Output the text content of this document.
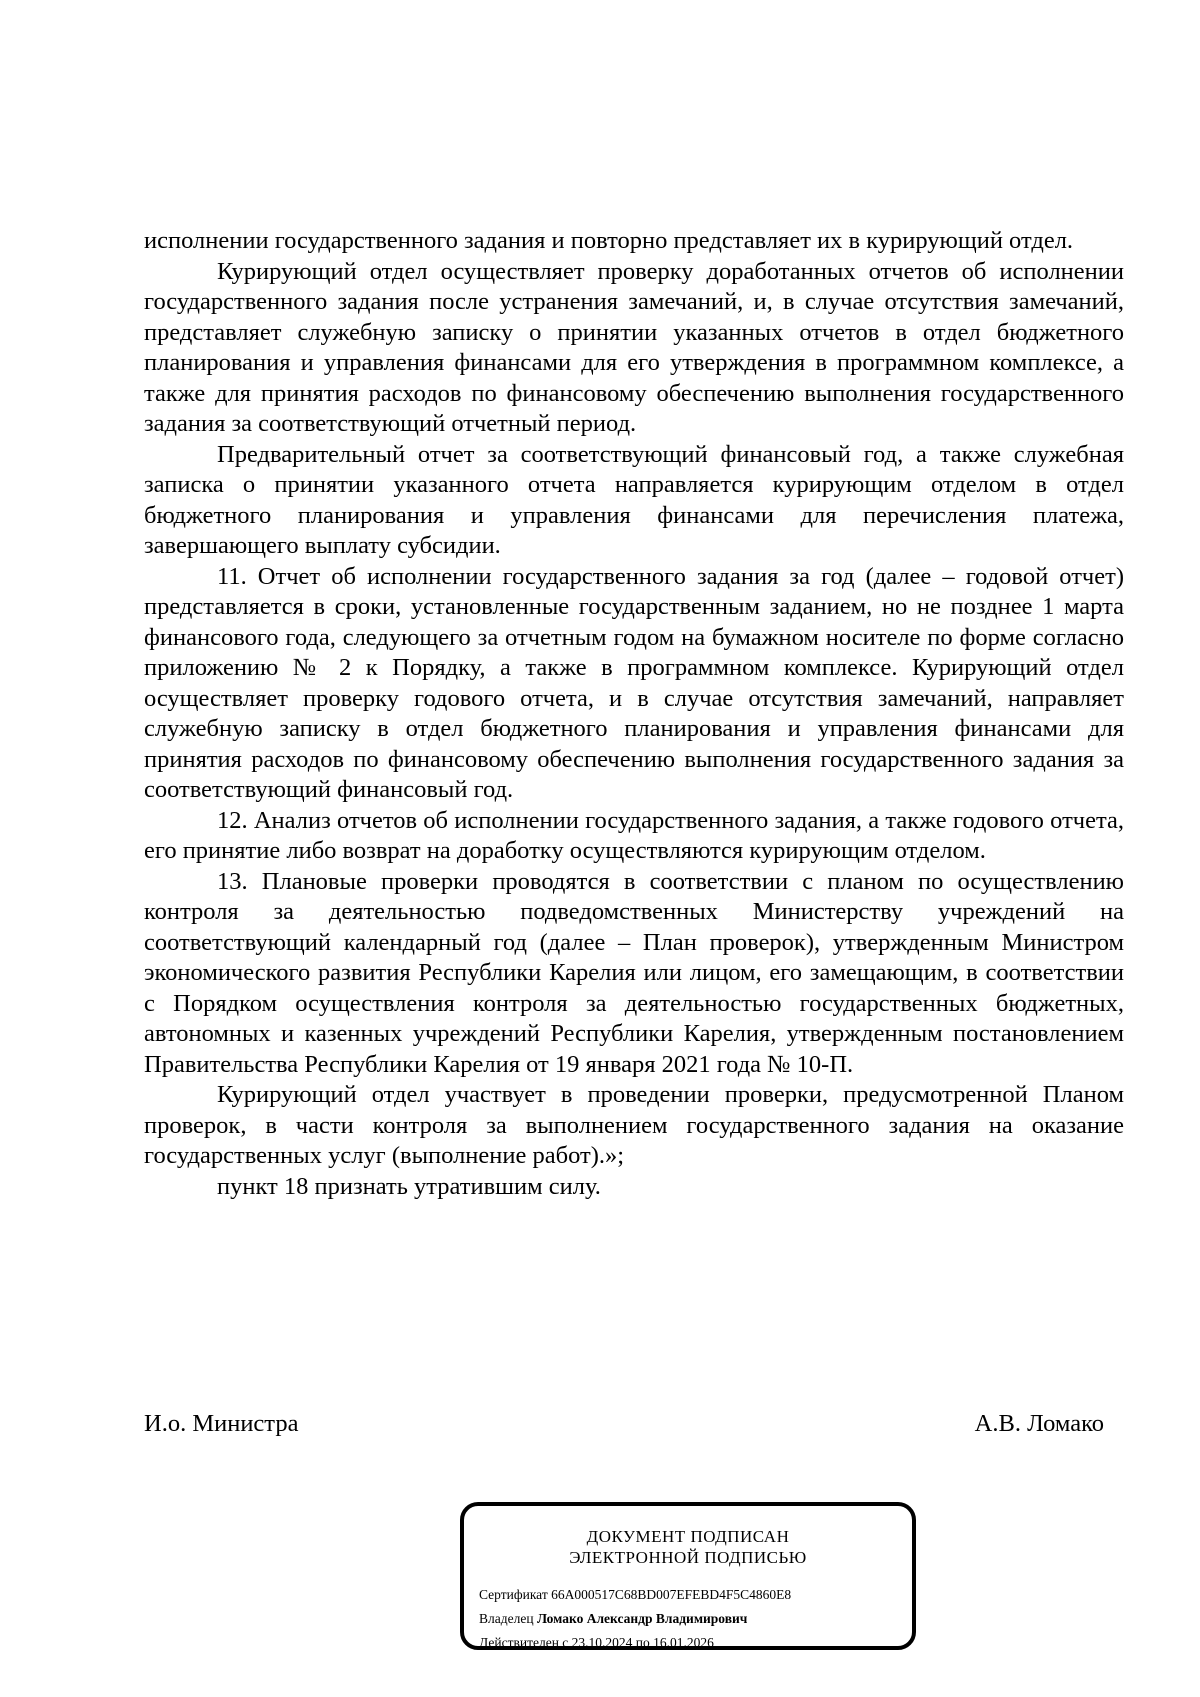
исполнении государственного задания и повторно представляет их в курирующий отдел.

Курирующий отдел осуществляет проверку доработанных отчетов об исполнении государственного задания после устранения замечаний, и, в случае отсутствия замечаний, представляет служебную записку о принятии указанных отчетов в отдел бюджетного планирования и управления финансами для его утверждения в программном комплексе, а также для принятия расходов по финансовому обеспечению выполнения государственного задания за соответствующий отчетный период.

Предварительный отчет за соответствующий финансовый год, а также служебная записка о принятии указанного отчета направляется курирующим отделом в отдел бюджетного планирования и управления финансами для перечисления платежа, завершающего выплату субсидии.

11. Отчет об исполнении государственного задания за год (далее – годовой отчет) представляется в сроки, установленные государственным заданием, но не позднее 1 марта финансового года, следующего за отчетным годом на бумажном носителе по форме согласно приложению № 2 к Порядку, а также в программном комплексе. Курирующий отдел осуществляет проверку годового отчета, и в случае отсутствия замечаний, направляет служебную записку в отдел бюджетного планирования и управления финансами для принятия расходов по финансовому обеспечению выполнения государственного задания за соответствующий финансовый год.

12. Анализ отчетов об исполнении государственного задания, а также годового отчета, его принятие либо возврат на доработку осуществляются курирующим отделом.

13. Плановые проверки проводятся в соответствии с планом по осуществлению контроля за деятельностью подведомственных Министерству учреждений на соответствующий календарный год (далее – План проверок), утвержденным Министром экономического развития Республики Карелия или лицом, его замещающим, в соответствии с Порядком осуществления контроля за деятельностью государственных бюджетных, автономных и казенных учреждений Республики Карелия, утвержденным постановлением Правительства Республики Карелия от 19 января 2021 года № 10-П.

Курирующий отдел участвует в проведении проверки, предусмотренной Планом проверок, в части контроля за выполнением государственного задания на оказание государственных услуг (выполнение работ).»;

пункт 18 признать утратившим силу.

И.о. Министра	А.В. Ломако
ДОКУМЕНТ ПОДПИСАН
ЭЛЕКТРОННОЙ ПОДПИСЬЮ
Сертификат 66A000517C68BD007EFEBD4F5C4860E8
Владелец Ломако Александр Владимирович
Действителен с 23.10.2024 по 16.01.2026
